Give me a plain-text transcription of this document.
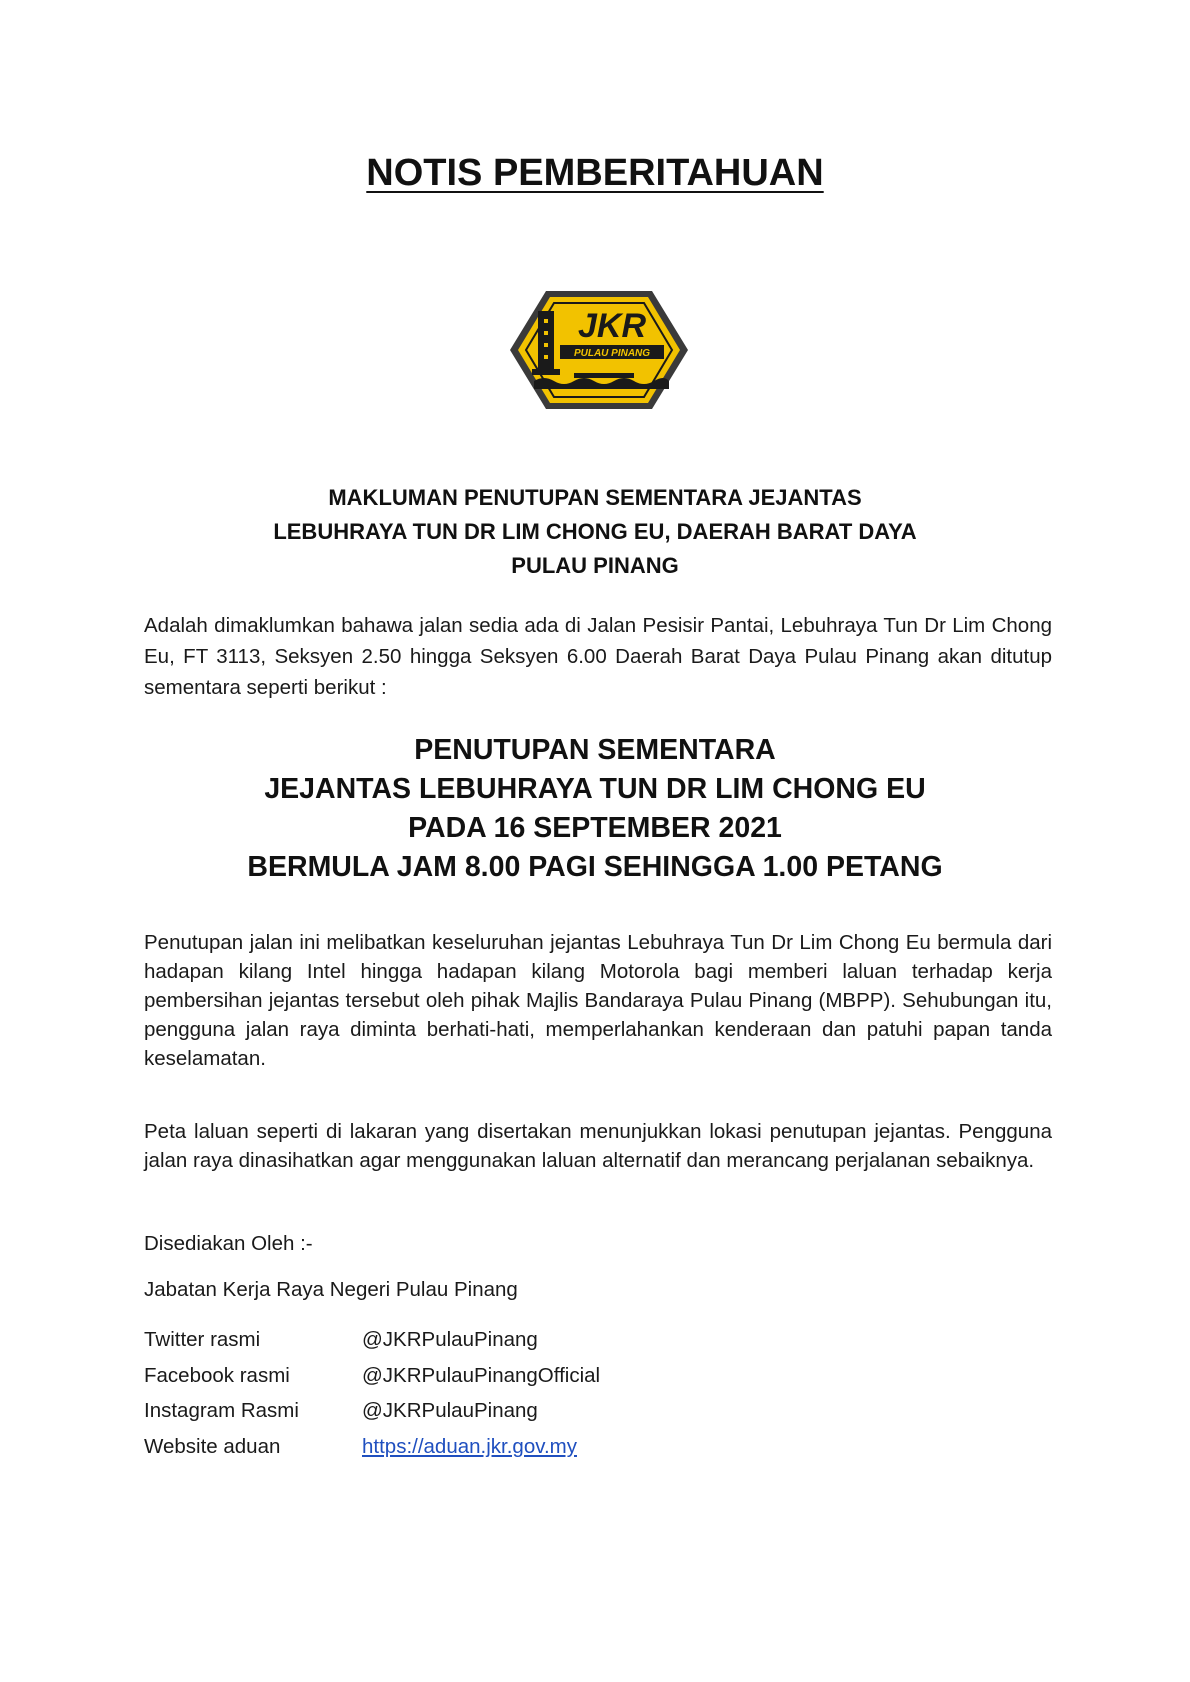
NOTIS PEMBERITAHUAN
JKR
PULAU PINANG
MAKLUMAN PENUTUPAN SEMENTARA JEJANTAS
LEBUHRAYA TUN DR LIM CHONG EU, DAERAH BARAT DAYA
PULAU PINANG

Adalah dimaklumkan bahawa jalan sedia ada di Jalan Pesisir Pantai, Lebuhraya Tun Dr Lim Chong Eu, FT 3113, Seksyen 2.50 hingga Seksyen 6.00 Daerah Barat Daya Pulau Pinang akan ditutup sementara seperti berikut :

PENUTUPAN SEMENTARA
JEJANTAS LEBUHRAYA TUN DR LIM CHONG EU
PADA 16 SEPTEMBER 2021
BERMULA JAM 8.00 PAGI SEHINGGA 1.00 PETANG

Penutupan jalan ini melibatkan keseluruhan jejantas Lebuhraya Tun Dr Lim Chong Eu bermula dari hadapan kilang Intel hingga hadapan kilang Motorola bagi memberi laluan terhadap kerja pembersihan jejantas tersebut oleh pihak Majlis Bandaraya Pulau Pinang (MBPP). Sehubungan itu, pengguna jalan raya diminta berhati-hati, memperlahankan kenderaan dan patuhi papan tanda keselamatan.

Peta laluan seperti di lakaran yang disertakan menunjukkan lokasi penutupan jejantas. Pengguna jalan raya dinasihatkan agar menggunakan laluan alternatif dan merancang perjalanan sebaiknya.

Disediakan Oleh :-
Jabatan Kerja Raya Negeri Pulau Pinang
Twitter rasmi	@JKRPulauPinang
Facebook rasmi	@JKRPulauPinangOfficial
Instagram Rasmi	@JKRPulauPinang
Website aduan	https://aduan.jkr.gov.my
